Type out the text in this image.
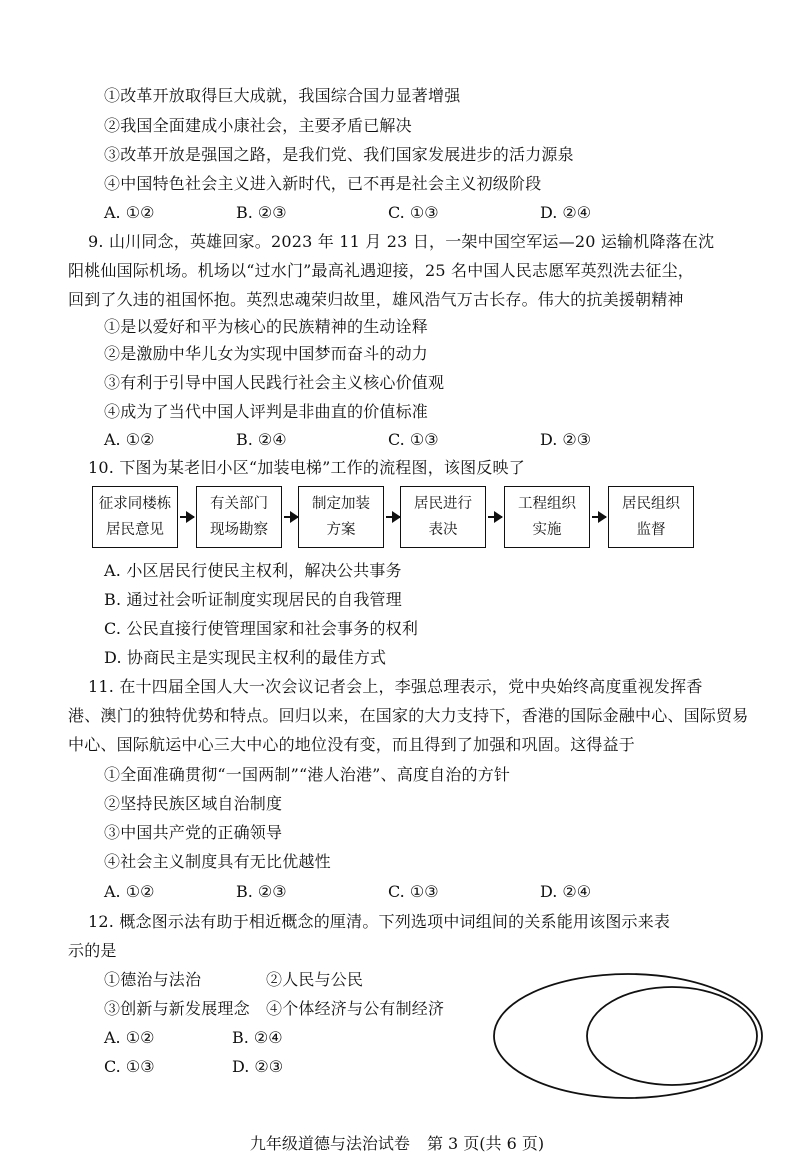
①改革开放取得巨大成就，我国综合国力显著增强
②我国全面建成小康社会，主要矛盾已解决
③改革开放是强国之路，是我们党、我们国家发展进步的活力源泉
④中国特色社会主义进入新时代，已不再是社会主义初级阶段
A. ①②	B. ②③	C. ①③	D. ②④
9. 山川同念，英雄回家。2023 年 11 月 23 日，一架中国空军运—20 运输机降落在沈
阳桃仙国际机场。机场以“过水门”最高礼遇迎接，25 名中国人民志愿军英烈洗去征尘，
回到了久违的祖国怀抱。英烈忠魂荣归故里，雄风浩气万古长存。伟大的抗美援朝精神
①是以爱好和平为核心的民族精神的生动诠释
②是激励中华儿女为实现中国梦而奋斗的动力
③有利于引导中国人民践行社会主义核心价值观
④成为了当代中国人评判是非曲直的价值标准
A. ①②	B. ②④	C. ①③	D. ②③
10. 下图为某老旧小区“加装电梯”工作的流程图，该图反映了
征求同楼栋
居民意见
有关部门
现场勘察
制定加装
方案
居民进行
表决
工程组织
实施
居民组织
监督
A. 小区居民行使民主权利，解决公共事务
B. 通过社会听证制度实现居民的自我管理
C. 公民直接行使管理国家和社会事务的权利
D. 协商民主是实现民主权利的最佳方式
11. 在十四届全国人大一次会议记者会上，李强总理表示，党中央始终高度重视发挥香
港、澳门的独特优势和特点。回归以来，在国家的大力支持下，香港的国际金融中心、国际贸易
中心、国际航运中心三大中心的地位没有变，而且得到了加强和巩固。这得益于
①全面准确贯彻“一国两制”“港人治港”、高度自治的方针
②坚持民族区域自治制度
③中国共产党的正确领导
④社会主义制度具有无比优越性
A. ①②	B. ②③	C. ①③	D. ②④
12. 概念图示法有助于相近概念的厘清。下列选项中词组间的关系能用该图示来表
示的是
①德治与法治	②人民与公民
③创新与新发展理念 ④个体经济与公有制经济
A. ①②	B. ②④
C. ①③	D. ②③
九年级道德与法治试卷 第 3 页(共 6 页)
